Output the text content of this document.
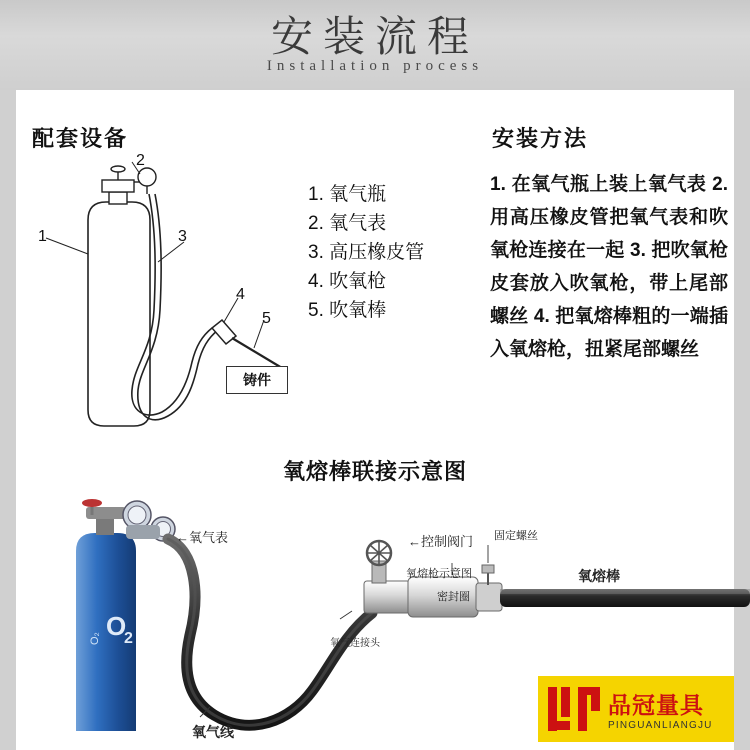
安装流程
Installation process
配套设备	安装方法
氧熔棒联接示意图
1. 氧气瓶
2. 氧气表
3. 高压橡皮管
4. 吹氧枪
5. 吹氧棒
1. 在氧气瓶上装上氧气表 2. 用高压橡皮管把氧气表和吹氧枪连接在一起 3. 把吹氧枪皮套放入吹氧枪，带上尾部螺丝 4. 把氧熔棒粗的一端插入氧熔枪，扭紧尾部螺丝
1
2
3
4
5
铸件
O₂ O
2
←氧气表	←控制阀门 固定螺丝
氧熔枪示意图
密封圈
氧熔棒
氧气连接头
氧气线
品冠量具
PINGUANLIANGJU
